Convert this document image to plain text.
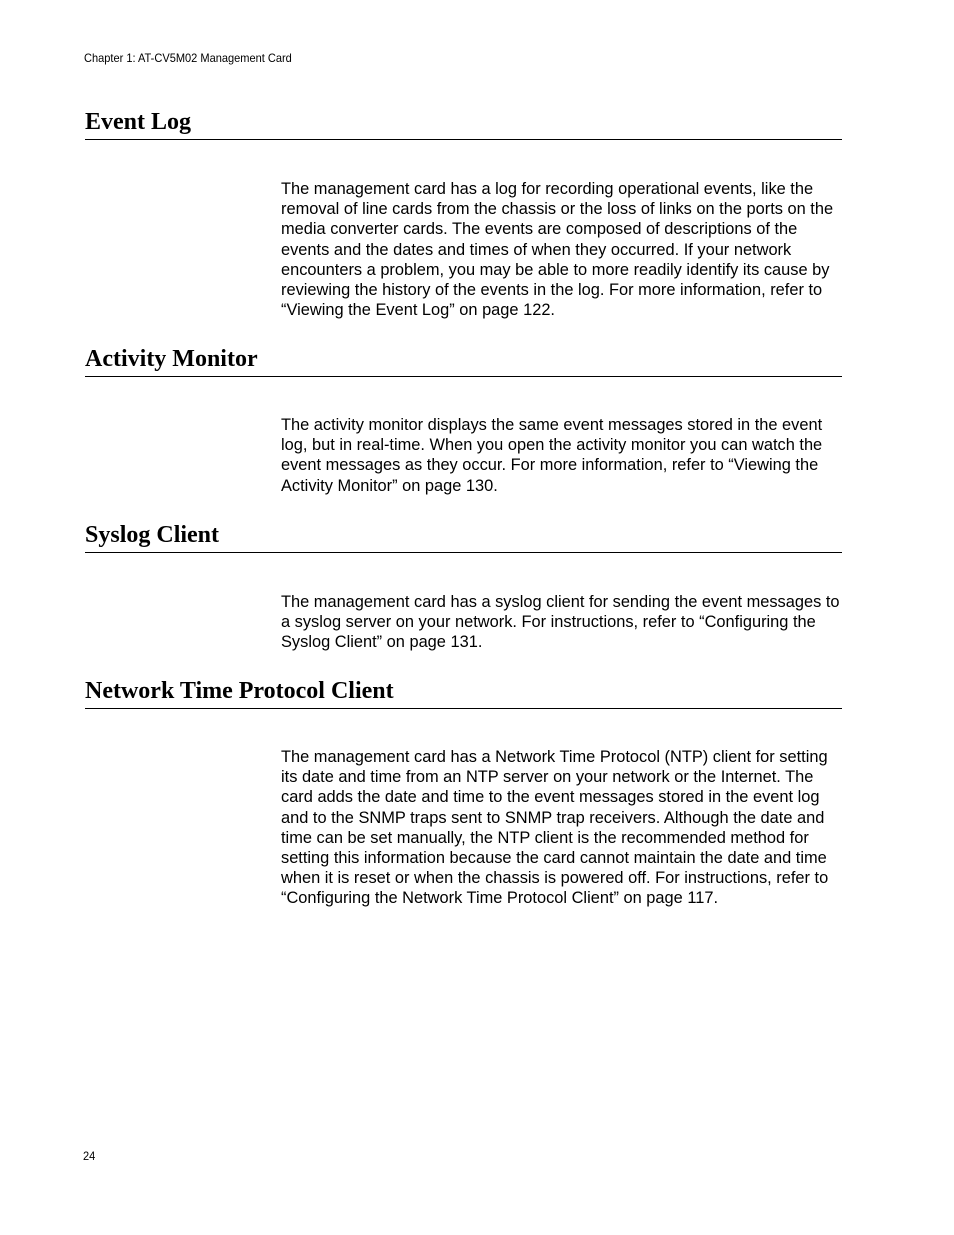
Chapter 1: AT-CV5M02 Management Card
Event Log

The management card has a log for recording operational events, like the removal of line cards from the chassis or the loss of links on the ports on the media converter cards. The events are composed of descriptions of the events and the dates and times of when they occurred. If your network encounters a problem, you may be able to more readily identify its cause by reviewing the history of the events in the log. For more information, refer to “Viewing the Event Log” on page 122.

Activity Monitor

The activity monitor displays the same event messages stored in the event log, but in real-time. When you open the activity monitor you can watch the event messages as they occur. For more information, refer to “Viewing the Activity Monitor” on page 130.

Syslog Client

The management card has a syslog client for sending the event messages to a syslog server on your network. For instructions, refer to “Configuring the Syslog Client” on page 131.

Network Time Protocol Client

The management card has a Network Time Protocol (NTP) client for setting its date and time from an NTP server on your network or the Internet. The card adds the date and time to the event messages stored in the event log and to the SNMP traps sent to SNMP trap receivers. Although the date and time can be set manually, the NTP client is the recommended method for setting this information because the card cannot maintain the date and time when it is reset or when the chassis is powered off. For instructions, refer to “Configuring the Network Time Protocol Client” on page 117.

24
